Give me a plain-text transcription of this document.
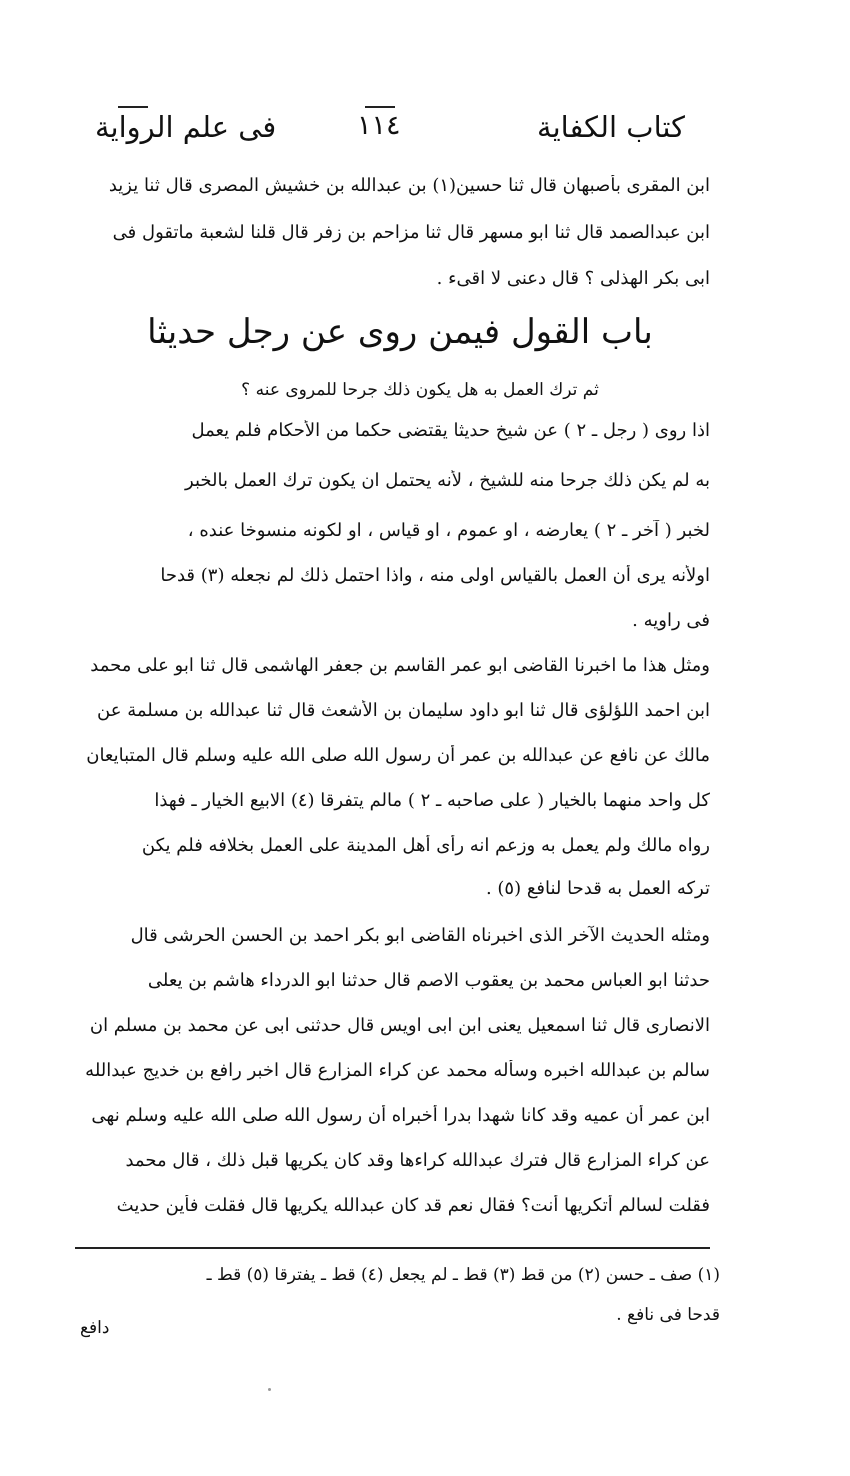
كتاب الكفاية
١١٤
فى علم الرواية
ابن المقرى بأصبهان قال ثنا حسين(١) بن عبدالله بن خشيش المصرى قال ثنا يزيد
ابن عبدالصمد قال ثنا ابو مسهر قال ثنا مزاحم بن زفر قال قلنا لشعبة ماتقول فى
ابى بكر الهذلى ؟ قال دعنى لا اقىء .
باب القول فيمن روى عن رجل حديثا
ثم ترك العمل به هل يكون ذلك جرحا للمروى عنه ؟
اذا روى ( رجل ـ ٢ ) عن شيخ حديثا يقتضى حكما من الأحكام فلم يعمل
به لم يكن ذلك جرحا منه للشيخ ، لأنه يحتمل ان يكون ترك العمل بالخبر
لخبر ( آخر ـ ٢ ) يعارضه ، او عموم ، او قياس ، او لكونه منسوخا عنده ،
اولأنه يرى أن العمل بالقياس اولى منه ، واذا احتمل ذلك لم نجعله (٣) قدحا
فى راويه .
ومثل هذا ما اخبرنا القاضى ابو عمر القاسم بن جعفر الهاشمى قال ثنا ابو على محمد
ابن احمد اللؤلؤى قال ثنا ابو داود سليمان بن الأشعث قال ثنا عبدالله بن مسلمة عن
مالك عن نافع عن عبدالله بن عمر أن رسول الله صلى الله عليه وسلم قال المتبايعان
كل واحد منهما بالخيار ( على صاحبه ـ ٢ ) مالم يتفرقا (٤) الابيع الخيار ـ فهذا
رواه مالك ولم يعمل به وزعم انه رأى أهل المدينة على العمل بخلافه فلم يكن
تركه العمل به قدحا لنافع (٥) .
ومثله الحديث الآخر الذى اخبرناه القاضى ابو بكر احمد بن الحسن الحرشى قال
حدثنا ابو العباس محمد بن يعقوب الاصم قال حدثنا ابو الدرداء هاشم بن يعلى
الانصارى قال ثنا اسمعيل يعنى ابن ابى اويس قال حدثنى ابى عن محمد بن مسلم ان
سالم بن عبدالله اخبره وسأله محمد عن كراء المزارع قال اخبر رافع بن خديج عبدالله
ابن عمر أن عميه وقد كانا شهدا بدرا أخبراه أن رسول الله صلى الله عليه وسلم نهى
عن كراء المزارع قال فترك عبدالله كراءها وقد كان يكريها قبل ذلك ، قال محمد
فقلت لسالم أتكريها أنت؟ فقال نعم قد كان عبدالله يكريها قال فقلت فأين حديث
(١) صف ـ حسن (٢) من قط (٣) قط ـ لم يجعل (٤) قط ـ يفترقا (٥) قط ـ
قدحا فى نافع .
دافع
